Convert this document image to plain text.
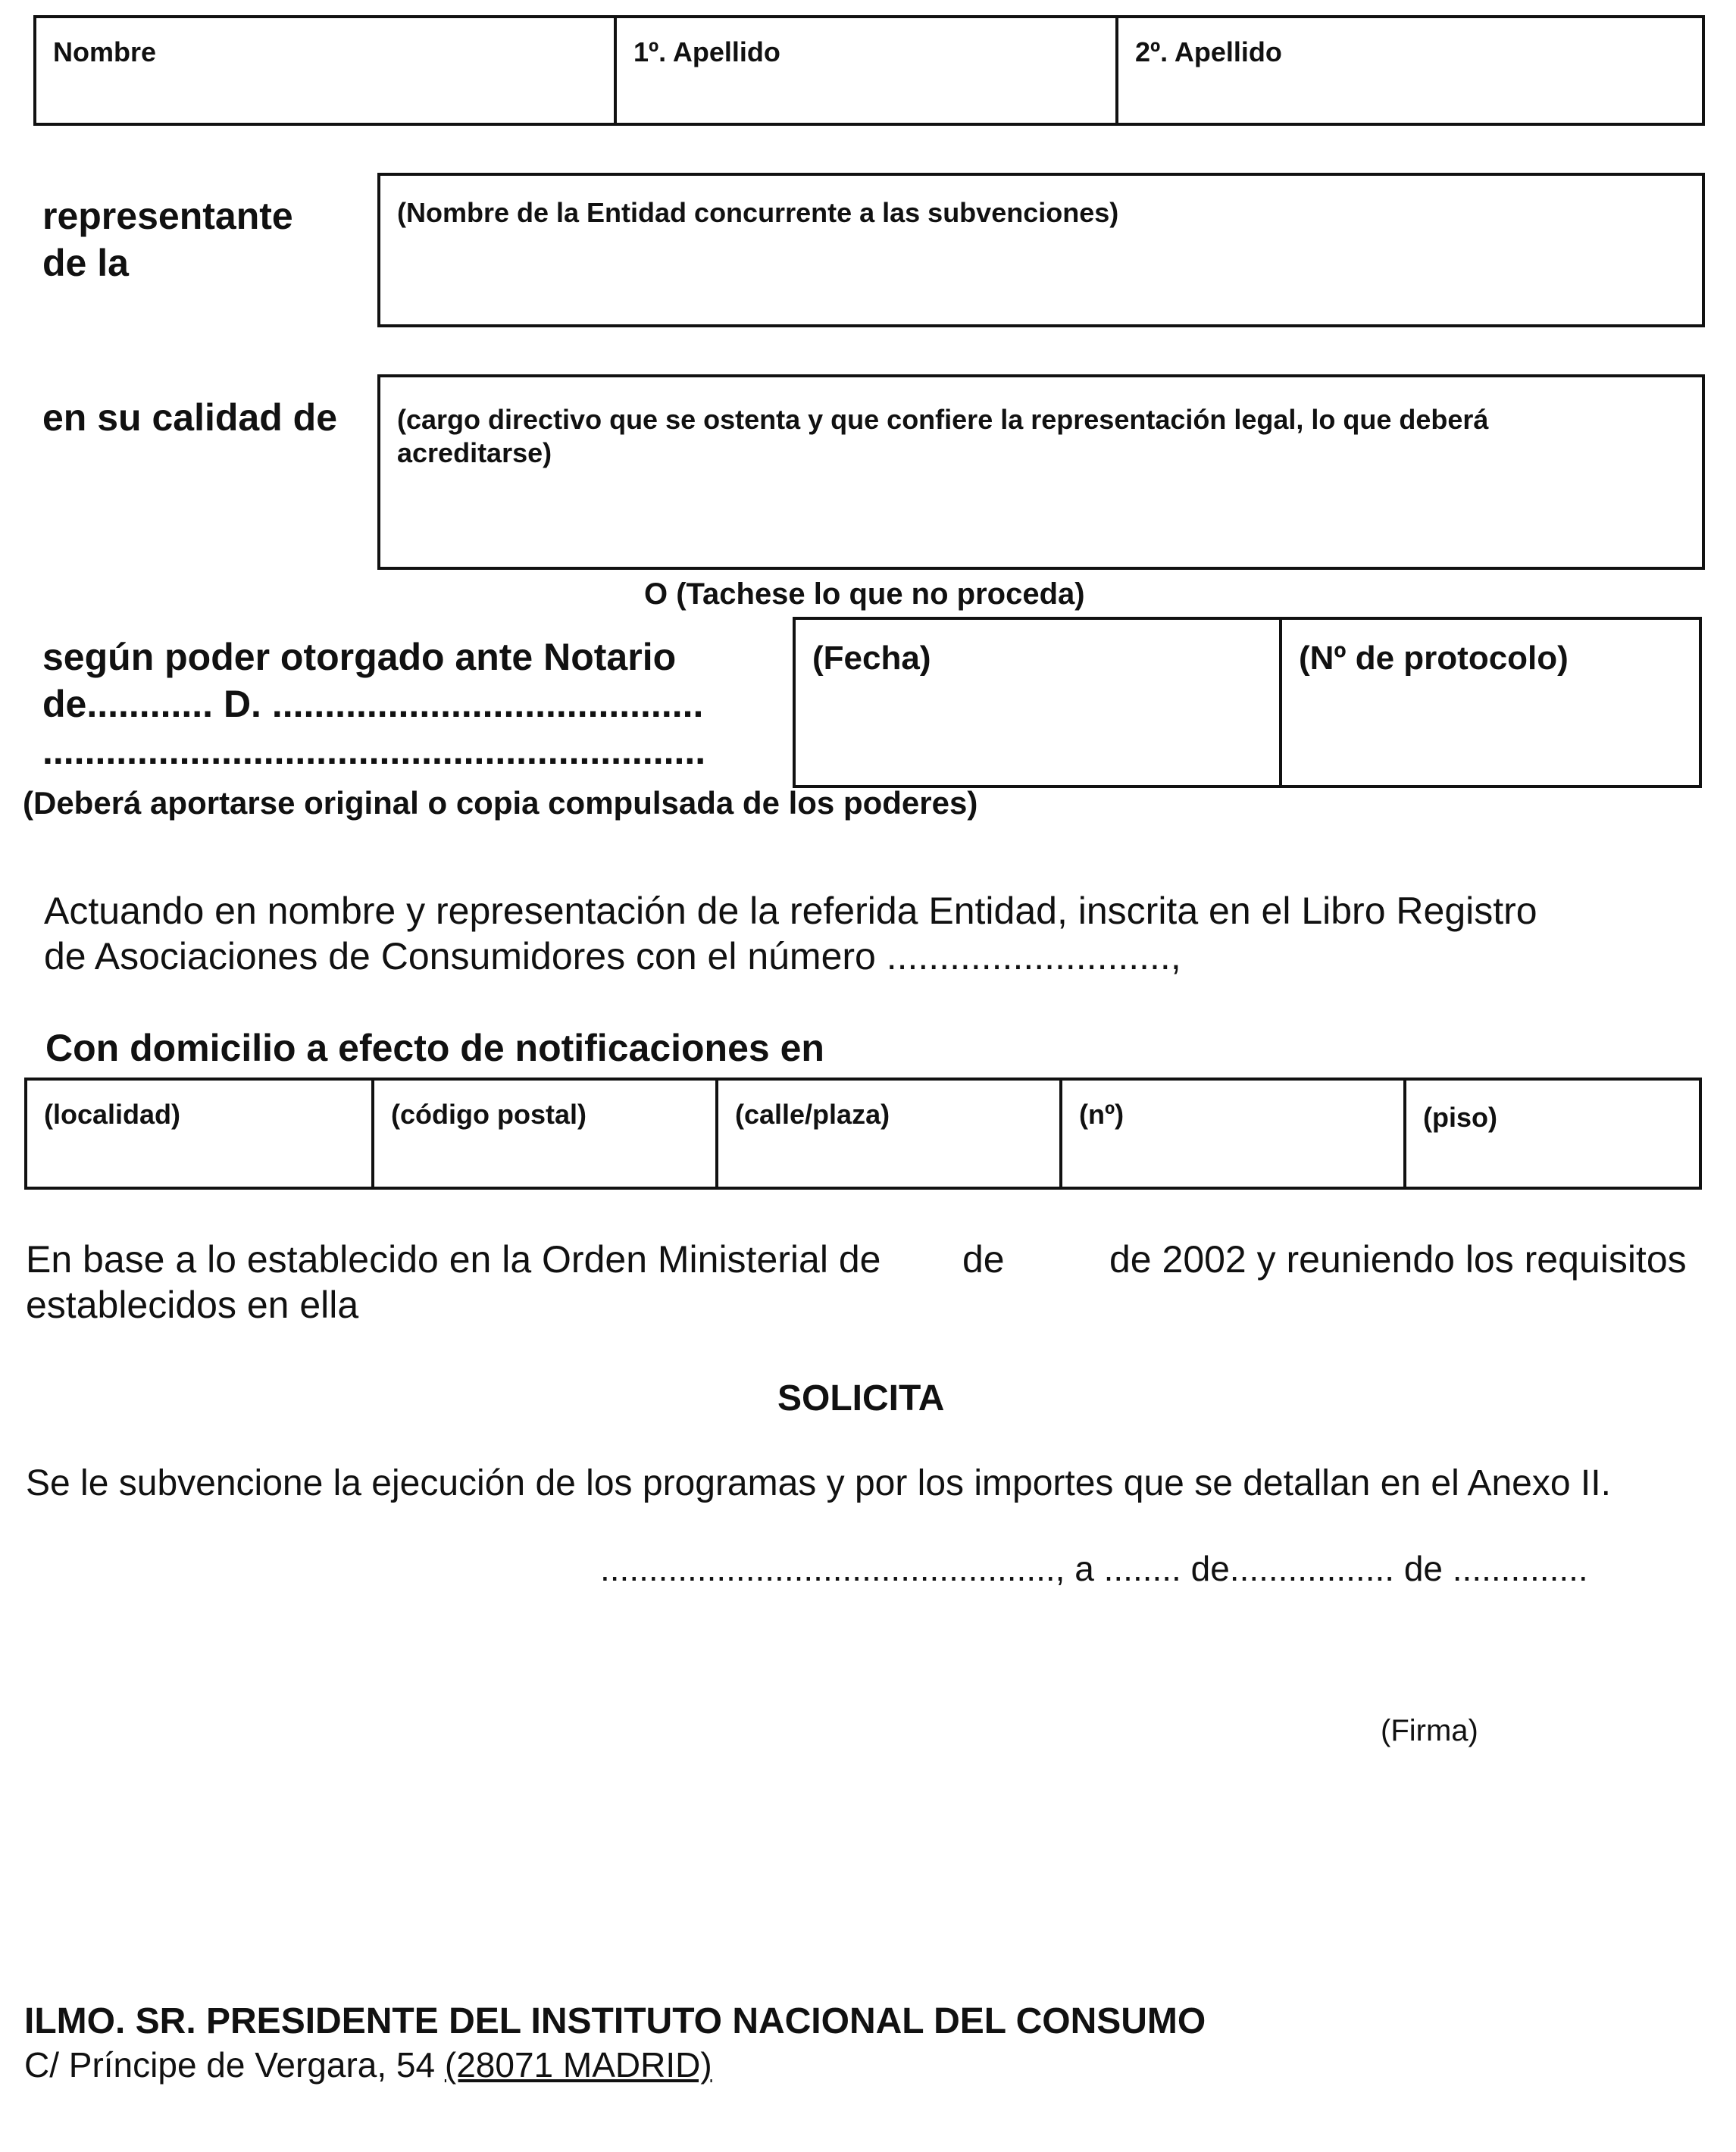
Nombre	1º. Apellido	2º. Apellido
representante
de la
(Nombre de la Entidad concurrente a las subvenciones)
en su calidad de (cargo directivo que se ostenta y que confiere la representación legal, lo que deberá
acreditarse)
O (Tachese lo que no proceda)
según poder otorgado ante Notario
de............ D. .........................................
...............................................................
(Fecha)	(Nº de protocolo)
(Deberá aportarse original o copia compulsada de los poderes)
Actuando en nombre y representación de la referida Entidad, inscrita en el Libro Registro
de Asociaciones de Consumidores con el número ...........................,
Con domicilio a efecto de notificaciones en
(localidad)	(código postal)	(calle/plaza)	(nº)	(piso)
En base a lo establecido en la Orden Ministerial de de	de 2002 y reuniendo los requisitos
establecidos en ella
SOLICITA
Se le subvencione la ejecución de los programas y por los importes que se detallan en el Anexo II.
..............................................., a ........ de................. de ..............
(Firma)
ILMO. SR. PRESIDENTE DEL INSTITUTO NACIONAL DEL CONSUMO
C/ Príncipe de Vergara, 54 (28071 MADRID)
